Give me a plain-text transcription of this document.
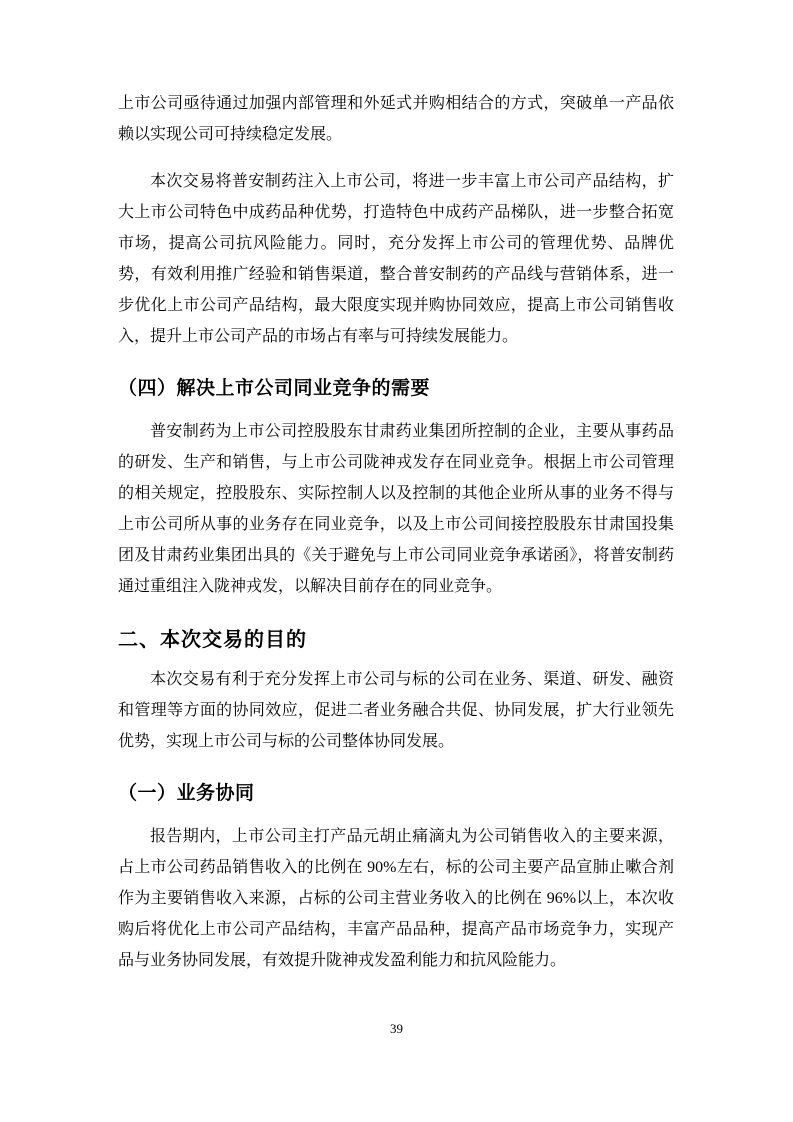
上市公司亟待通过加强内部管理和外延式并购相结合的方式，突破单一产品依赖以实现公司可持续稳定发展。

本次交易将普安制药注入上市公司，将进一步丰富上市公司产品结构，扩大上市公司特色中成药品种优势，打造特色中成药产品梯队，进一步整合拓宽市场，提高公司抗风险能力。同时，充分发挥上市公司的管理优势、品牌优势，有效利用推广经验和销售渠道，整合普安制药的产品线与营销体系，进一步优化上市公司产品结构，最大限度实现并购协同效应，提高上市公司销售收入，提升上市公司产品的市场占有率与可持续发展能力。

（四）解决上市公司同业竞争的需要

普安制药为上市公司控股股东甘肃药业集团所控制的企业，主要从事药品的研发、生产和销售，与上市公司陇神戎发存在同业竞争。根据上市公司管理的相关规定，控股股东、实际控制人以及控制的其他企业所从事的业务不得与上市公司所从事的业务存在同业竞争，以及上市公司间接控股股东甘肃国投集团及甘肃药业集团出具的《关于避免与上市公司同业竞争承诺函》，将普安制药通过重组注入陇神戎发，以解决目前存在的同业竞争。

二、本次交易的目的

本次交易有利于充分发挥上市公司与标的公司在业务、渠道、研发、融资和管理等方面的协同效应，促进二者业务融合共促、协同发展，扩大行业领先优势，实现上市公司与标的公司整体协同发展。

（一）业务协同

报告期内，上市公司主打产品元胡止痛滴丸为公司销售收入的主要来源，占上市公司药品销售收入的比例在 90%左右，标的公司主要产品宣肺止嗽合剂作为主要销售收入来源，占标的公司主营业务收入的比例在 96%以上，本次收购后将优化上市公司产品结构，丰富产品品种，提高产品市场竞争力，实现产品与业务协同发展，有效提升陇神戎发盈利能力和抗风险能力。

39
